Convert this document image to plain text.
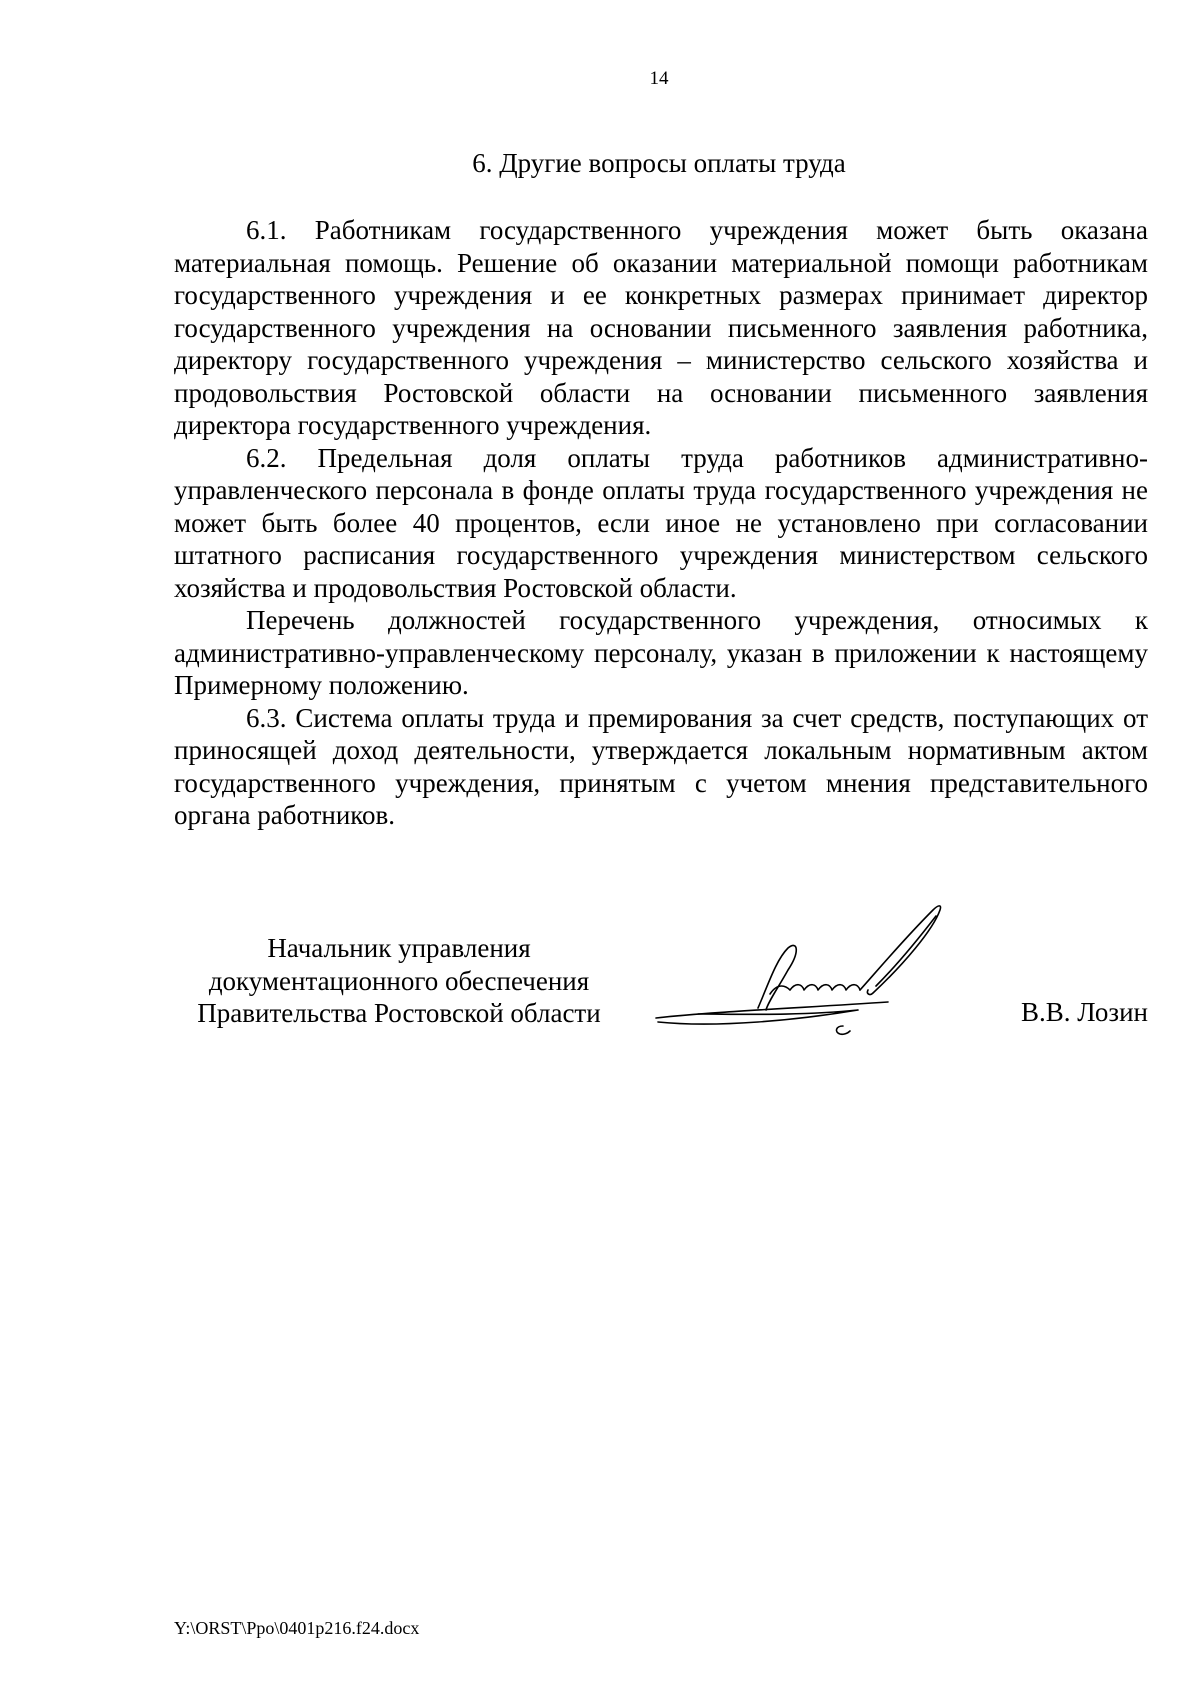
14
6. Другие вопросы оплаты труда

6.1. Работникам государственного учреждения может быть оказана материальная помощь. Решение об оказании материальной помощи работникам государственного учреждения и ее конкретных размерах принимает директор государственного учреждения на основании письменного заявления работника, директору государственного учреждения – министерство сельского хозяйства и продовольствия Ростовской области на основании письменного заявления директора государственного учреждения.

6.2. Предельная доля оплаты труда работников административно-управленческого персонала в фонде оплаты труда государственного учреждения не может быть более 40 процентов, если иное не установлено при согласовании штатного расписания государственного учреждения министерством сельского хозяйства и продовольствия Ростовской области.

Перечень должностей государственного учреждения, относимых к административно-управленческому персоналу, указан в приложении к настоящему Примерному положению.

6.3. Система оплаты труда и премирования за счет средств, поступающих от приносящей доход деятельности, утверждается локальным нормативным актом государственного учреждения, принятым с учетом мнения представительного органа работников.

Начальник управления
документационного обеспечения
Правительства Ростовской области	В.В. Лозин
Y:\ORST\Ppo\0401p216.f24.docx
